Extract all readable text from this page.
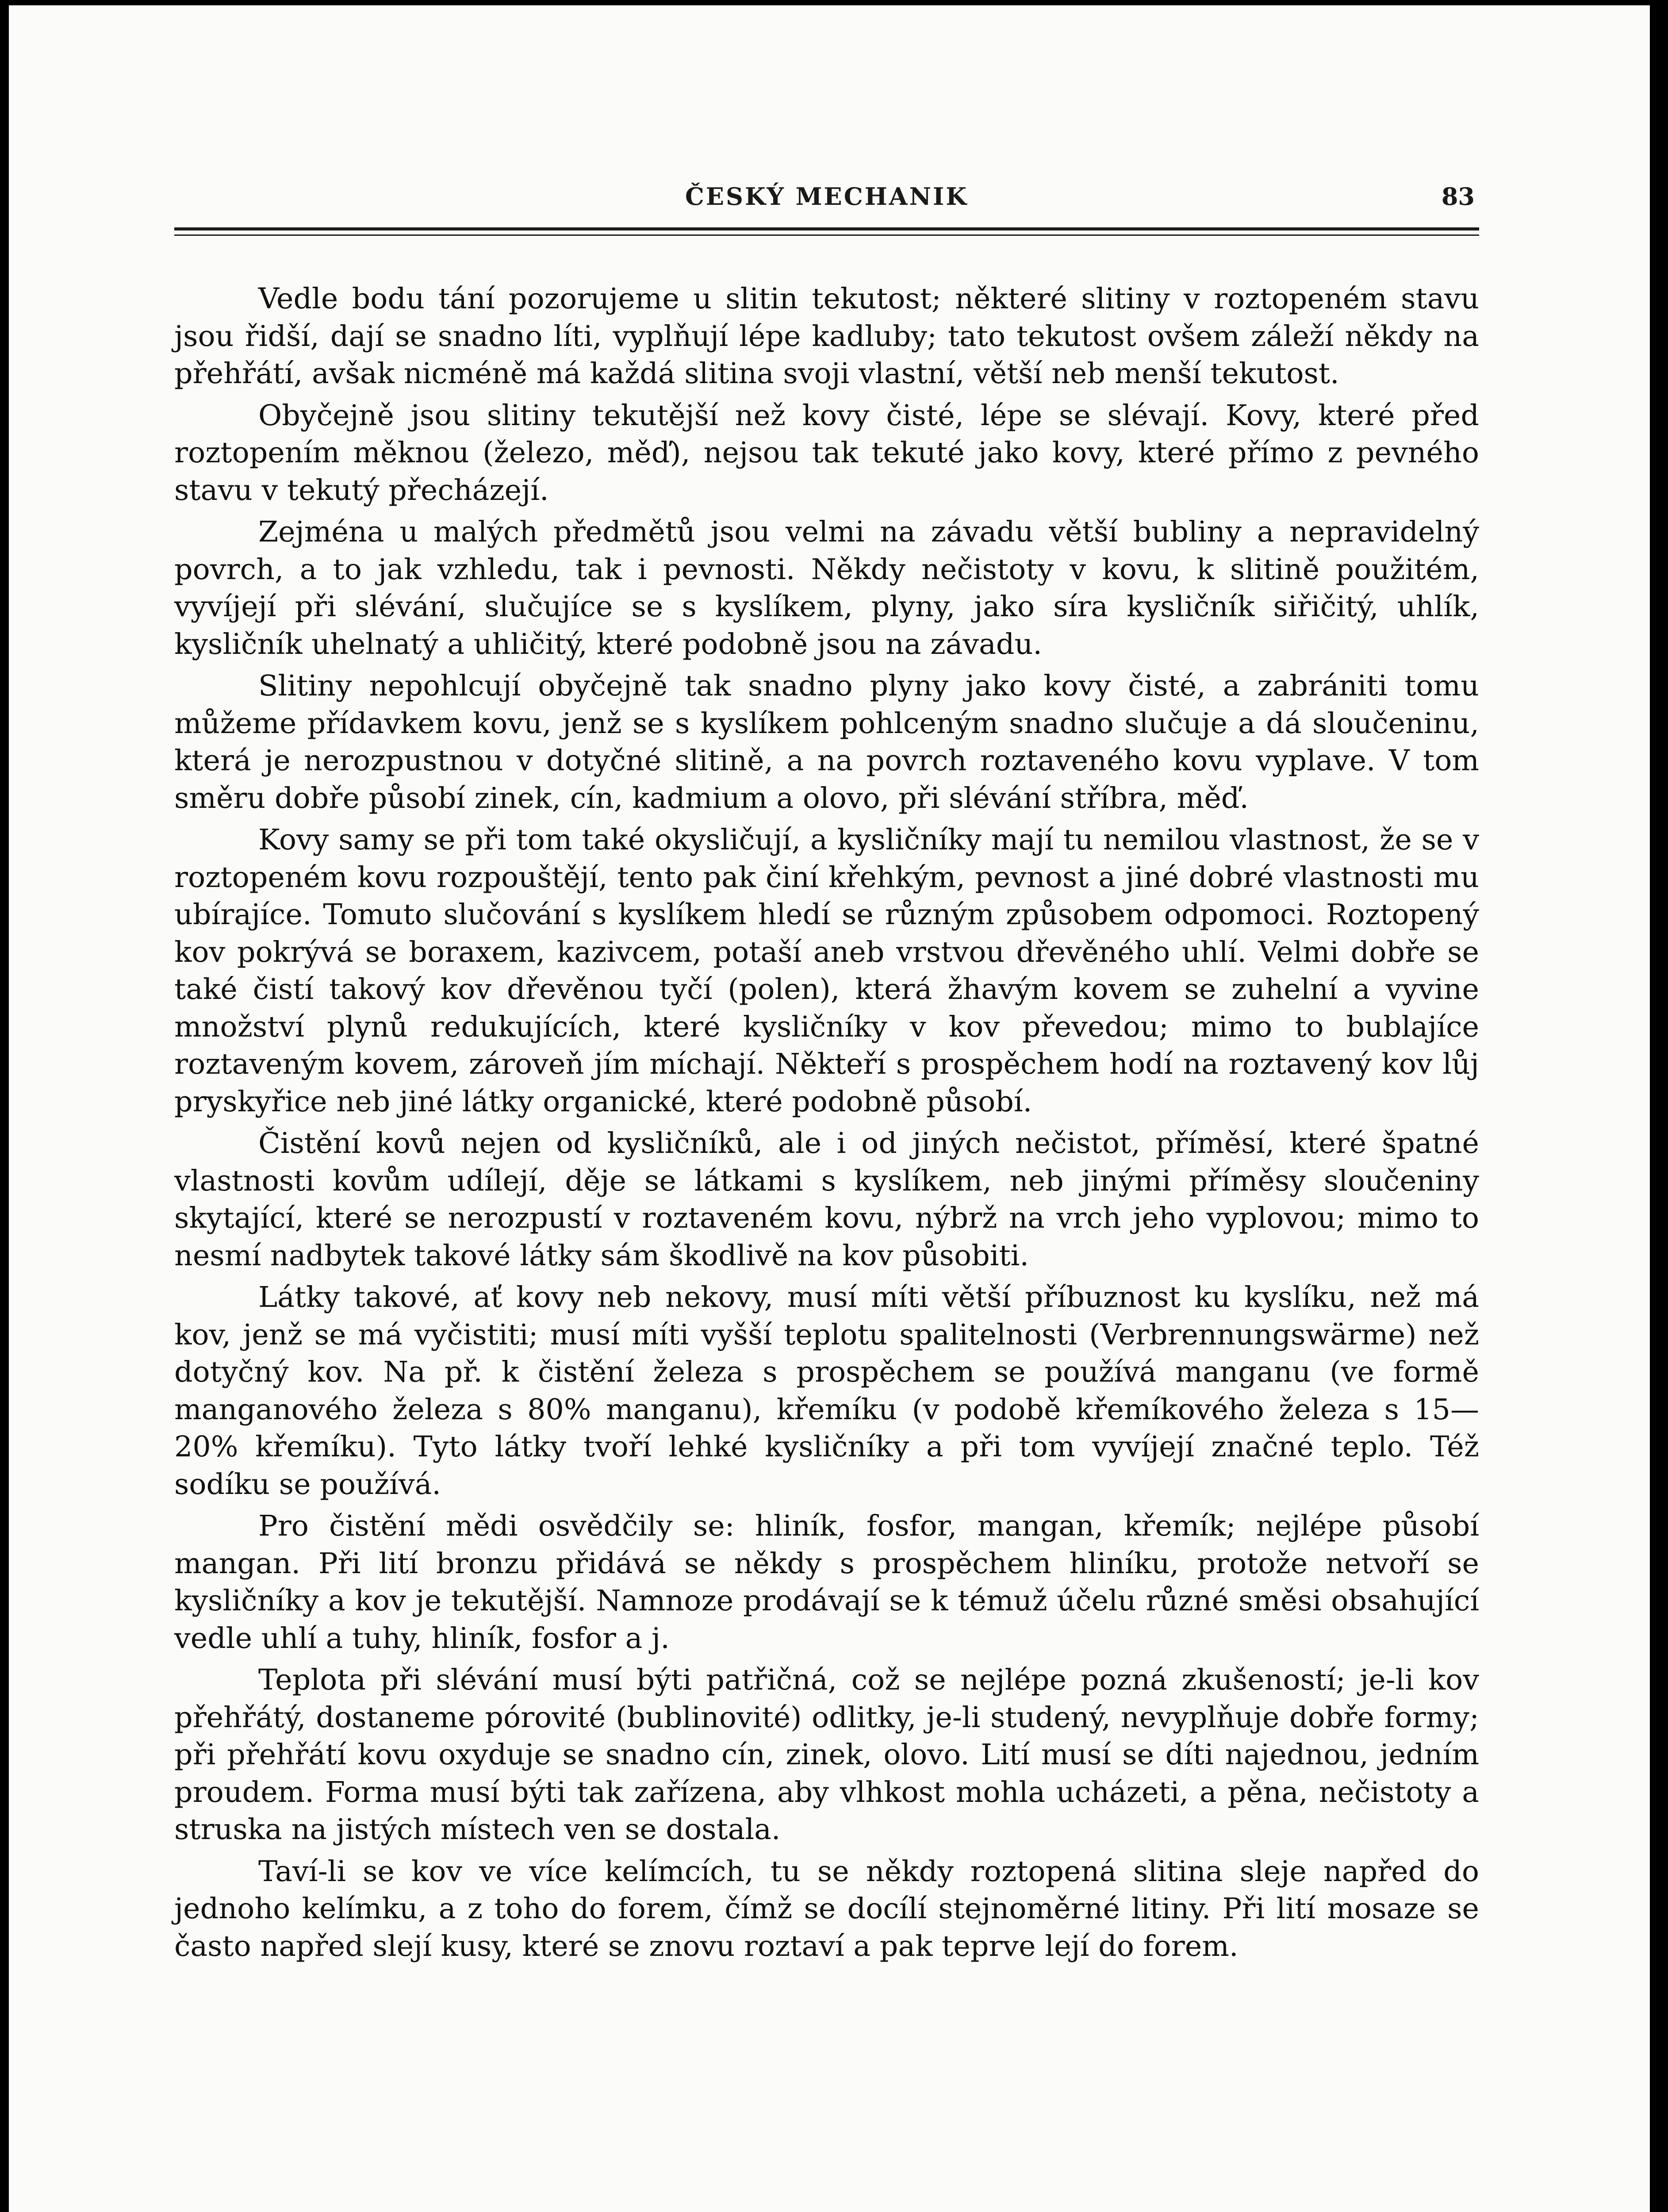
ČESKÝ MECHANIK	83

Vedle bodu tání pozorujeme u slitin tekutost; některé slitiny v roztopeném stavu jsou řidší, dají se snadno líti, vyplňují lépe kadluby; tato tekutost ovšem záleží někdy na přehřátí, avšak nicméně má každá slitina svoji vlastní, větší neb menší tekutost.

Obyčejně jsou slitiny tekutější než kovy čisté, lépe se slévají. Kovy, které před roztopením měknou (železo, měď), nejsou tak tekuté jako kovy, které přímo z pevného stavu v tekutý přecházejí.

Zejména u malých předmětů jsou velmi na závadu větší bubliny a nepravidelný povrch, a to jak vzhledu, tak i pevnosti. Někdy nečistoty v kovu, k slitině použitém, vyvíjejí při slévání, slučujíce se s kyslíkem, plyny, jako síra kysličník siřičitý, uhlík, kysličník uhelnatý a uhličitý, které podobně jsou na závadu.

Slitiny nepohlcují obyčejně tak snadno plyny jako kovy čisté, a zabrániti tomu můžeme přídavkem kovu, jenž se s kyslíkem pohlceným snadno slučuje a dá sloučeninu, která je nerozpustnou v dotyčné slitině, a na povrch roztaveného kovu vyplave. V tom směru dobře působí zinek, cín, kadmium a olovo, při slévání stříbra, měď.

Kovy samy se při tom také okysličují, a kysličníky mají tu nemilou vlastnost, že se v roztopeném kovu rozpouštějí, tento pak činí křehkým, pevnost a jiné dobré vlastnosti mu ubírajíce. Tomuto slučování s kyslíkem hledí se různým způsobem odpomoci. Roztopený kov pokrývá se boraxem, kazivcem, potaší aneb vrstvou dřevěného uhlí. Velmi dobře se také čistí takový kov dřevěnou tyčí (polen), která žhavým kovem se zuhelní a vyvine množství plynů redukujících, které kysličníky v kov převedou; mimo to bublajíce roztaveným kovem, zároveň jím míchají. Někteří s prospěchem hodí na roztavený kov lůj pryskyřice neb jiné látky organické, které podobně působí.

Čistění kovů nejen od kysličníků, ale i od jiných nečistot, příměsí, které špatné vlastnosti kovům udílejí, děje se látkami s kyslíkem, neb jinými příměsy sloučeniny skytající, které se nerozpustí v roztaveném kovu, nýbrž na vrch jeho vyplovou; mimo to nesmí nadbytek takové látky sám škodlivě na kov působiti.

Látky takové, ať kovy neb nekovy, musí míti větší příbuznost ku kyslíku, než má kov, jenž se má vyčistiti; musí míti vyšší teplotu spalitelnosti (Verbrennungswärme) než dotyčný kov. Na př. k čistění železa s prospěchem se používá manganu (ve formě manganového železa s 80% manganu), křemíku (v podobě křemíkového železa s 15—20% křemíku). Tyto látky tvoří lehké kysličníky a při tom vyvíjejí značné teplo. Též sodíku se používá.

Pro čistění mědi osvědčily se: hliník, fosfor, mangan, křemík; nejlépe působí mangan. Při lití bronzu přidává se někdy s prospěchem hliníku, protože netvoří se kysličníky a kov je tekutější. Namnoze prodávají se k témuž účelu různé směsi obsahující vedle uhlí a tuhy, hliník, fosfor a j.

Teplota při slévání musí býti patřičná, což se nejlépe pozná zkušeností; je-li kov přehřátý, dostaneme pórovité (bublinovité) odlitky, je-li studený, nevyplňuje dobře formy; při přehřátí kovu oxyduje se snadno cín, zinek, olovo. Lití musí se díti najednou, jedním proudem. Forma musí býti tak zařízena, aby vlhkost mohla ucházeti, a pěna, nečistoty a struska na jistých místech ven se dostala.

Taví-li se kov ve více kelímcích, tu se někdy roztopená slitina sleje napřed do jednoho kelímku, a z toho do forem, čímž se docílí stejnoměrné litiny. Při lití mosaze se často napřed slejí kusy, které se znovu roztaví a pak teprve lejí do forem.
